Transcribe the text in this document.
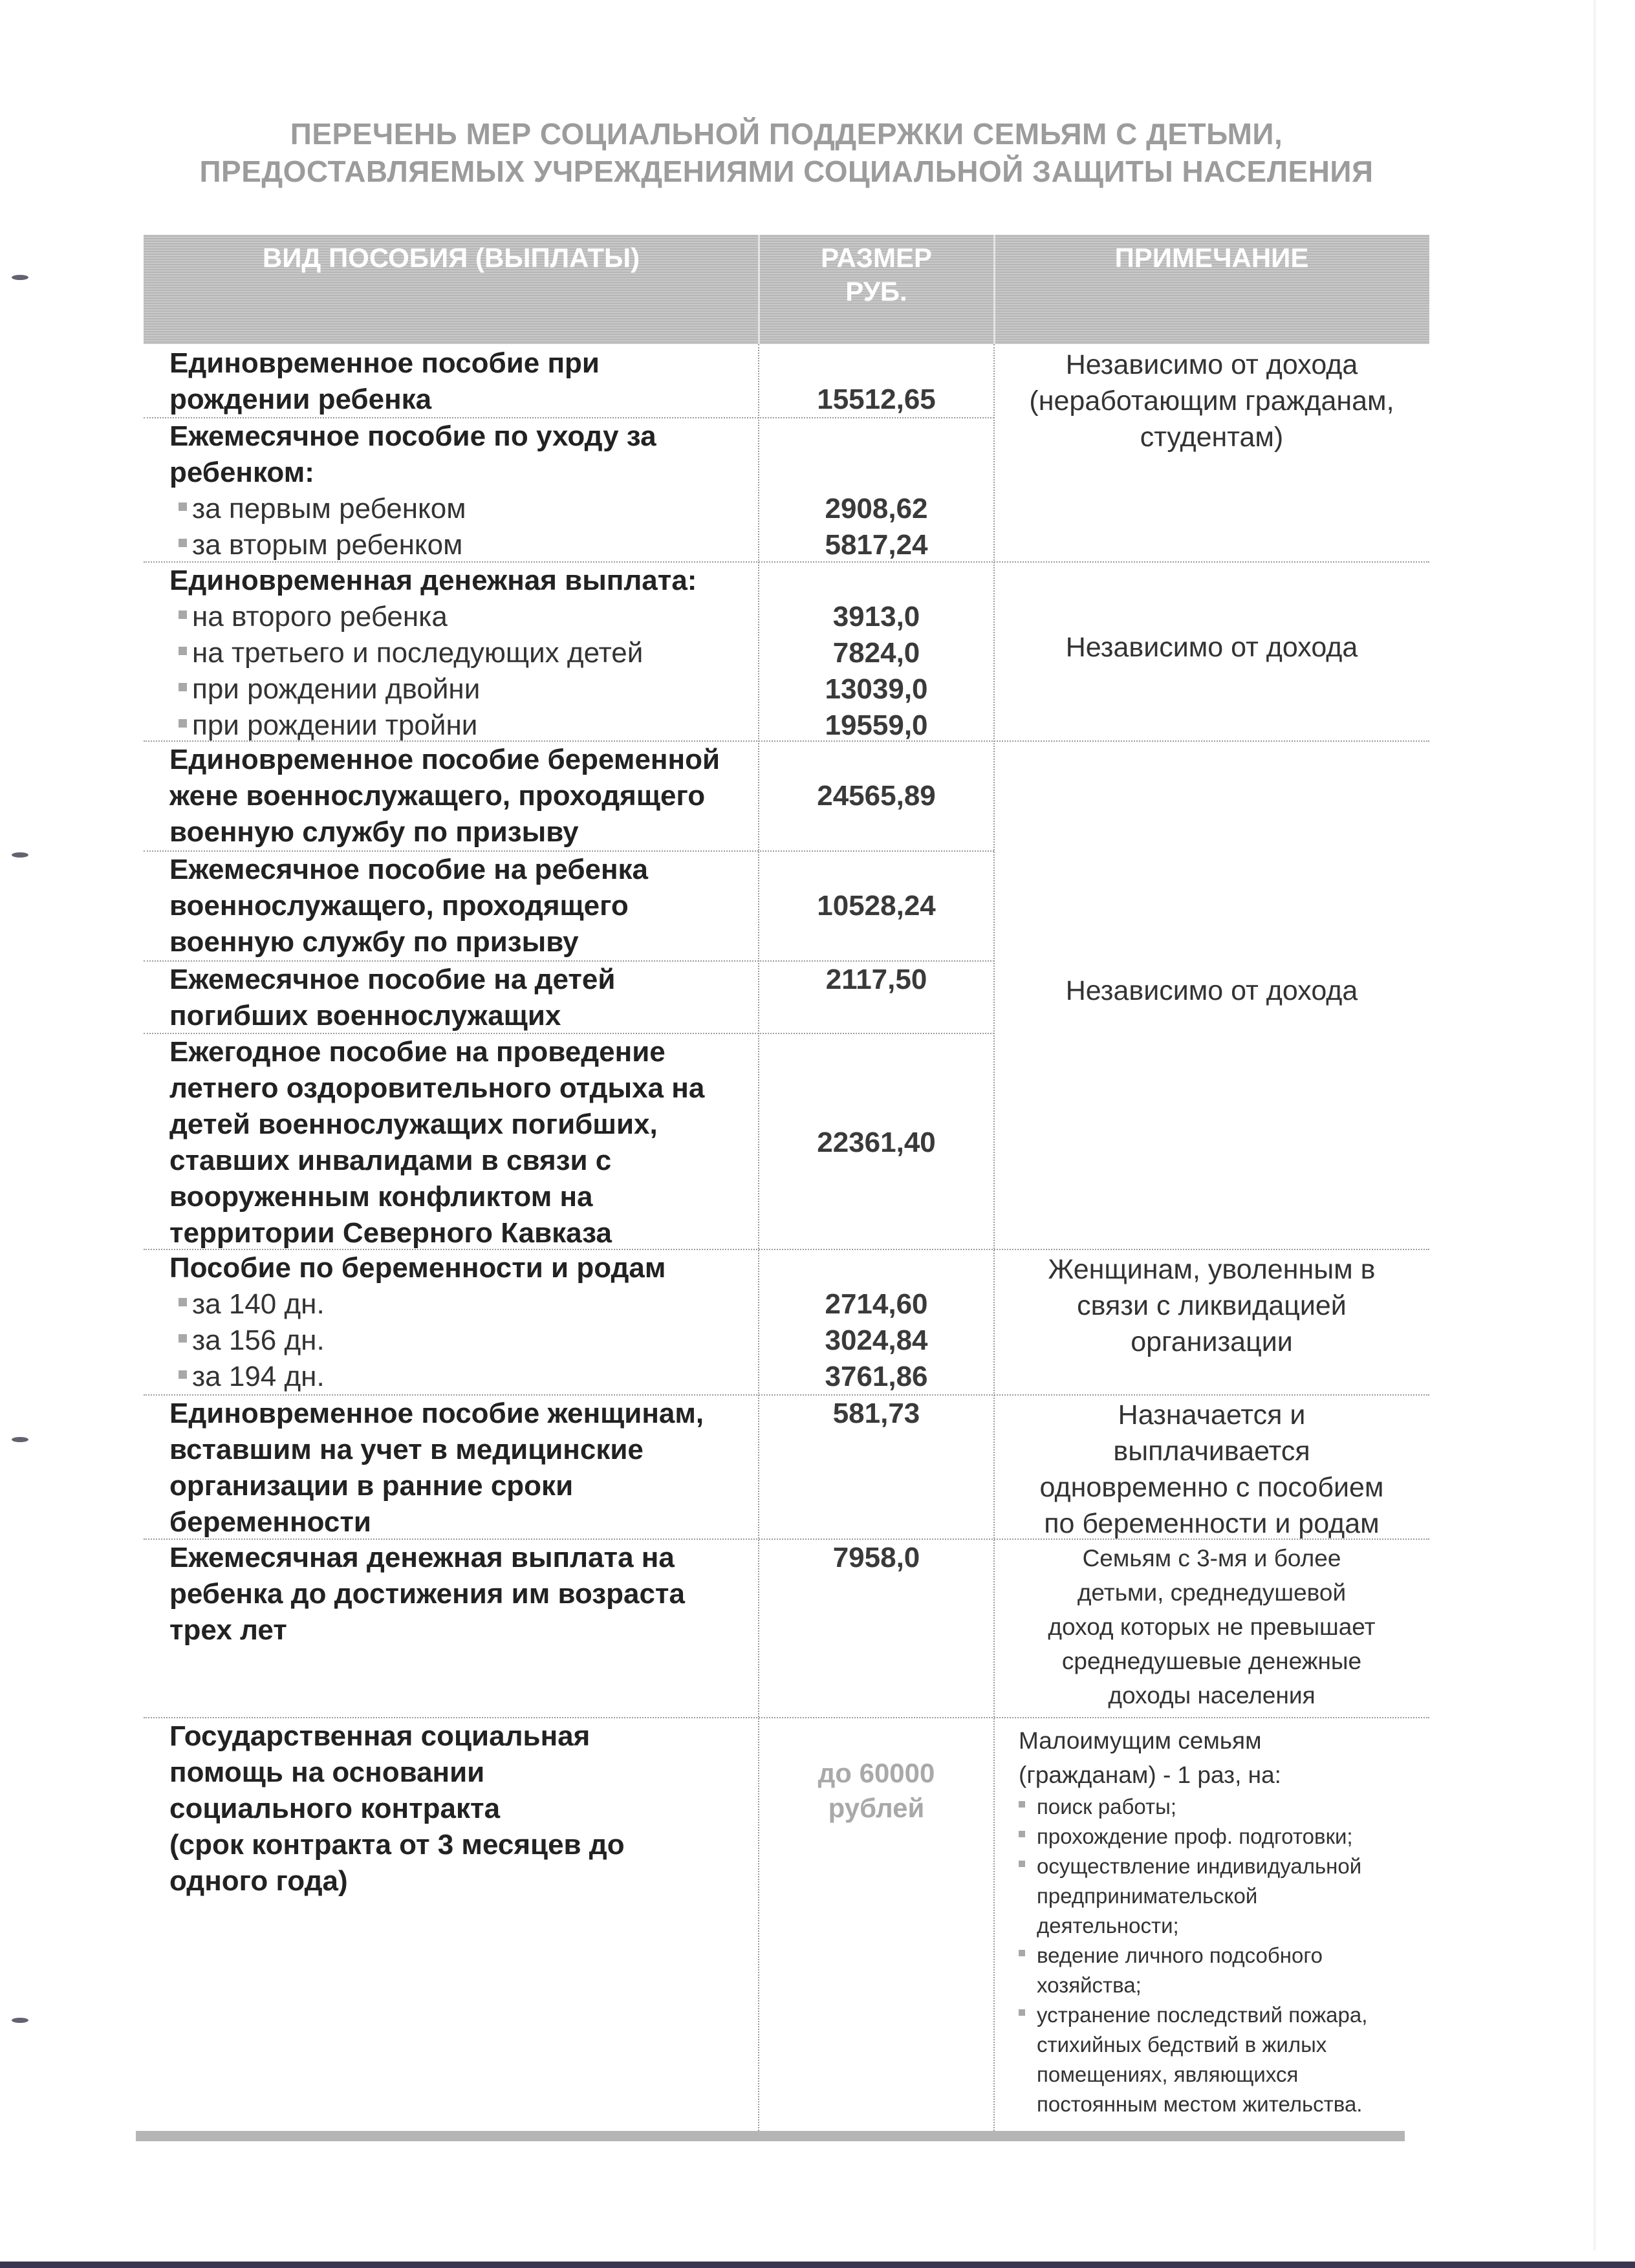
ПЕРЕЧЕНЬ МЕР СОЦИАЛЬНОЙ ПОДДЕРЖКИ СЕМЬЯМ С ДЕТЬМИ,
ПРЕДОСТАВЛЯЕМЫХ УЧРЕЖДЕНИЯМИ СОЦИАЛЬНОЙ ЗАЩИТЫ НАСЕЛЕНИЯ
ВИД ПОСОБИЯ (ВЫПЛАТЫ)	РАЗМЕР
РУБ.
ПРИМЕЧАНИЕ
Единовременное пособие при
рождении ребенка	15512,65
Ежемесячное пособие по уходу за
ребенком:
за первым ребенком
за вторым ребенком
2908,62
5817,24
Единовременная денежная выплата:
на второго ребенка
на третьего и последующих детей
при рождении двойни
при рождении тройни
3913,0
7824,0
13039,0
19559,0
Единовременное пособие беременной
жене военнослужащего, проходящего
военную службу по призыву
24565,89
Ежемесячное пособие на ребенка
военнослужащего, проходящего
военную службу по призыву
10528,24
Ежемесячное пособие на детей
погибших военнослужащих
2117,50
Ежегодное пособие на проведение
летнего оздоровительного отдыха на
детей военнослужащих погибших,
ставших инвалидами в связи с
вооруженным конфликтом на
территории Северного Кавказа
22361,40
Пособие по беременности и родам
за 140 дн.
за 156 дн.
за 194 дн.
2714,60
3024,84
3761,86
Единовременное пособие женщинам,
вставшим на учет в медицинские
организации в ранние сроки
беременности
581,73
Ежемесячная денежная выплата на
ребенка до достижения им возраста
трех лет
7958,0
Государственная социальная
помощь на основании
социального контракта
(срок контракта от 3 месяцев до
одного года)
до 60000
рублей
Независимо от дохода
(неработающим гражданам,
студентам)
Независимо от дохода
Независимо от дохода
Женщинам, уволенным в
связи с ликвидацией
организации
Назначается и
выплачивается
одновременно с пособием
по беременности и родам
Семьям с 3-мя и более
детьми, среднедушевой
доход которых не превышает
среднедушевые денежные
доходы населения
Малоимущим семьям
(гражданам) - 1 раз, на:
поиск работы;
прохождение проф. подготовки;
осуществление индивидуальной
предпринимательской
деятельности;
ведение личного подсобного
хозяйства;
устранение последствий пожара,
стихийных бедствий в жилых
помещениях, являющихся
постоянным местом жительства.
